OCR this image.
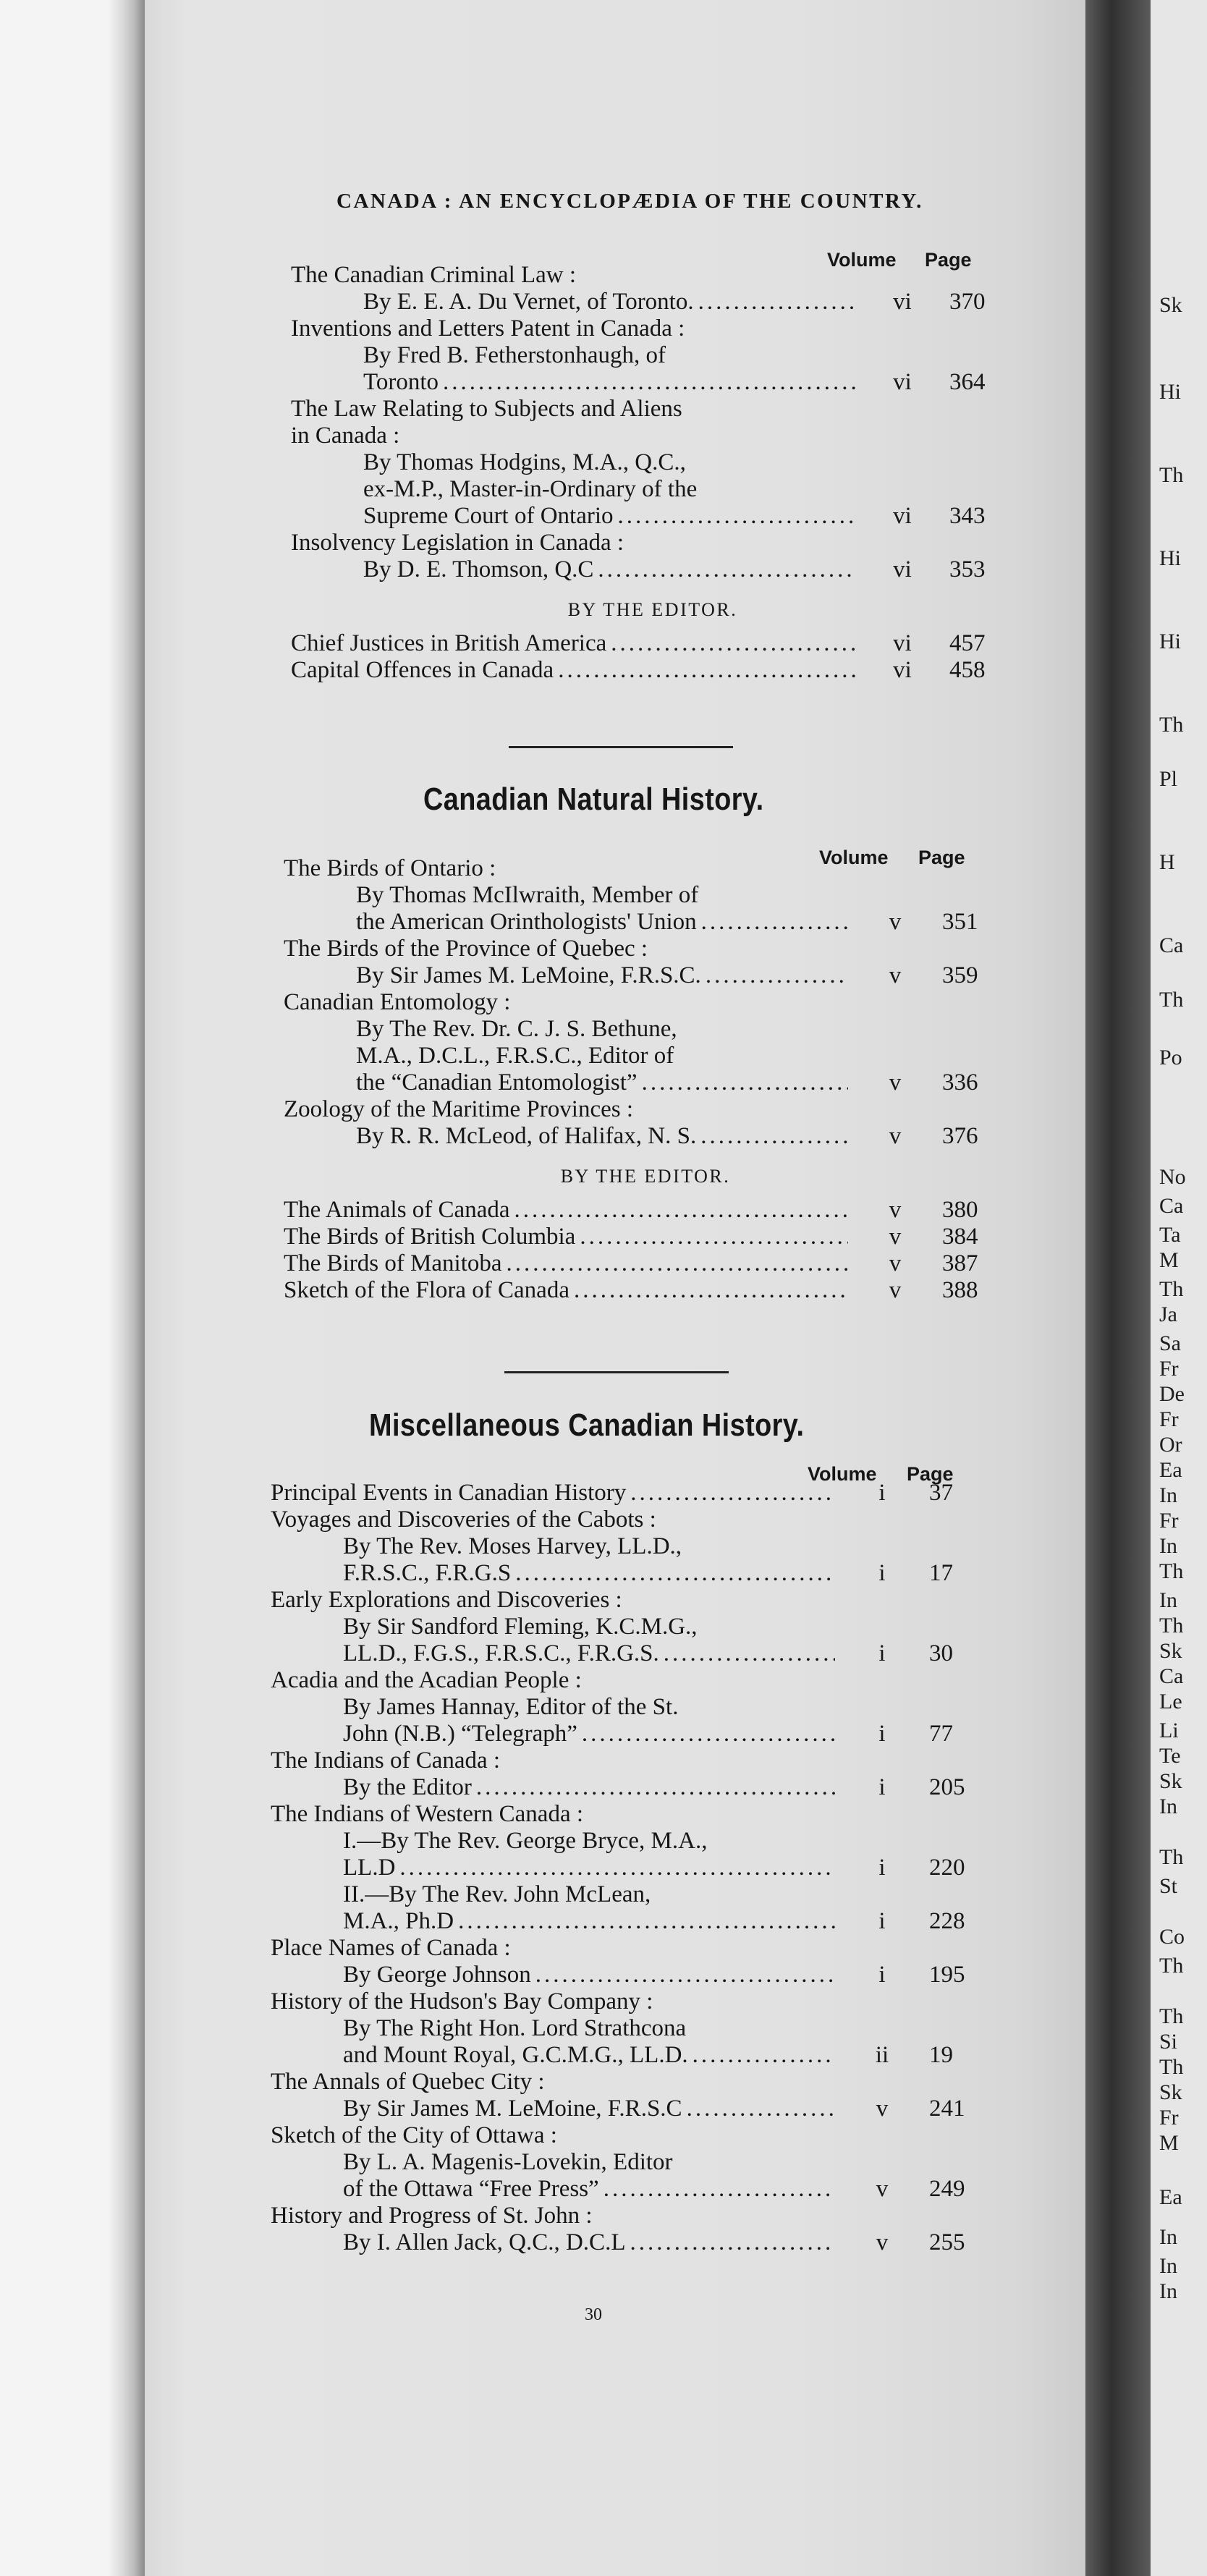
Sk
Hi
Th
Hi
Hi
Th
Pl
H
Ca
Th
Po
No
Ca
Ta
M
Th
Ja
Sa
Fr
De
Fr
Or
Ea
In
Fr
In
Th
In
Th
Sk
Ca
Le
Li
Te
Sk
In
Th
St
Co
Th
Th
Si
Th
Sk
Fr
M
Ea
In
In
In
CANADA : AN ENCYCLOPÆDIA OF THE COUNTRY.
Volume Page
The Canadian Criminal Law :
By E. E. A. Du Vernet, of Toronto. .....	vi	370
Inventions and Letters Patent in Canada :
By Fred B. Fetherstonhaugh, of
Toronto .....	vi	364
The Law Relating to Subjects and Aliens
in Canada :
By Thomas Hodgins, M.A., Q.C.,
ex-M.P., Master-in-Ordinary of the
Supreme Court of Ontario .....	vi	343
Insolvency Legislation in Canada :
By D. E. Thomson, Q.C .....	vi	353
BY THE EDITOR.
Chief Justices in British America .....	vi	457
Capital Offences in Canada .....	vi	458
Canadian Natural History.
Volume Page
The Birds of Ontario :
By Thomas McIlwraith, Member of
the American Orinthologists' Union .....	v	351
The Birds of the Province of Quebec :
By Sir James M. LeMoine, F.R.S.C. .....	v	359
Canadian Entomology :
By The Rev. Dr. C. J. S. Bethune,
M.A., D.C.L., F.R.S.C., Editor of
the “Canadian Entomologist” .....	v	336
Zoology of the Maritime Provinces :
By R. R. McLeod, of Halifax, N. S. .....	v	376
BY THE EDITOR.
The Animals of Canada .....	v	380
The Birds of British Columbia .....	v	384
The Birds of Manitoba .....	v	387
Sketch of the Flora of Canada .....	v	388
Miscellaneous Canadian History.
Volume Page
Principal Events in Canadian History .....	i	37
Voyages and Discoveries of the Cabots :
By The Rev. Moses Harvey, LL.D.,
F.R.S.C., F.R.G.S .....	i	17
Early Explorations and Discoveries :
By Sir Sandford Fleming, K.C.M.G.,
LL.D., F.G.S., F.R.S.C., F.R.G.S. .....	i	30
Acadia and the Acadian People :
By James Hannay, Editor of the St.
John (N.B.) “Telegraph” .....	i	77
The Indians of Canada :
By the Editor .....	i	205
The Indians of Western Canada :
I.—By The Rev. George Bryce, M.A.,
LL.D .....	i	220
II.—By The Rev. John McLean,
M.A., Ph.D .....	i	228
Place Names of Canada :
By George Johnson .....	i	195
History of the Hudson's Bay Company :
By The Right Hon. Lord Strathcona
and Mount Royal, G.C.M.G., LL.D. .....	ii	19
The Annals of Quebec City :
By Sir James M. LeMoine, F.R.S.C .....	v	241
Sketch of the City of Ottawa :
By L. A. Magenis-Lovekin, Editor
of the Ottawa “Free Press” .....	v	249
History and Progress of St. John :
By I. Allen Jack, Q.C., D.C.L .....	v	255
30
